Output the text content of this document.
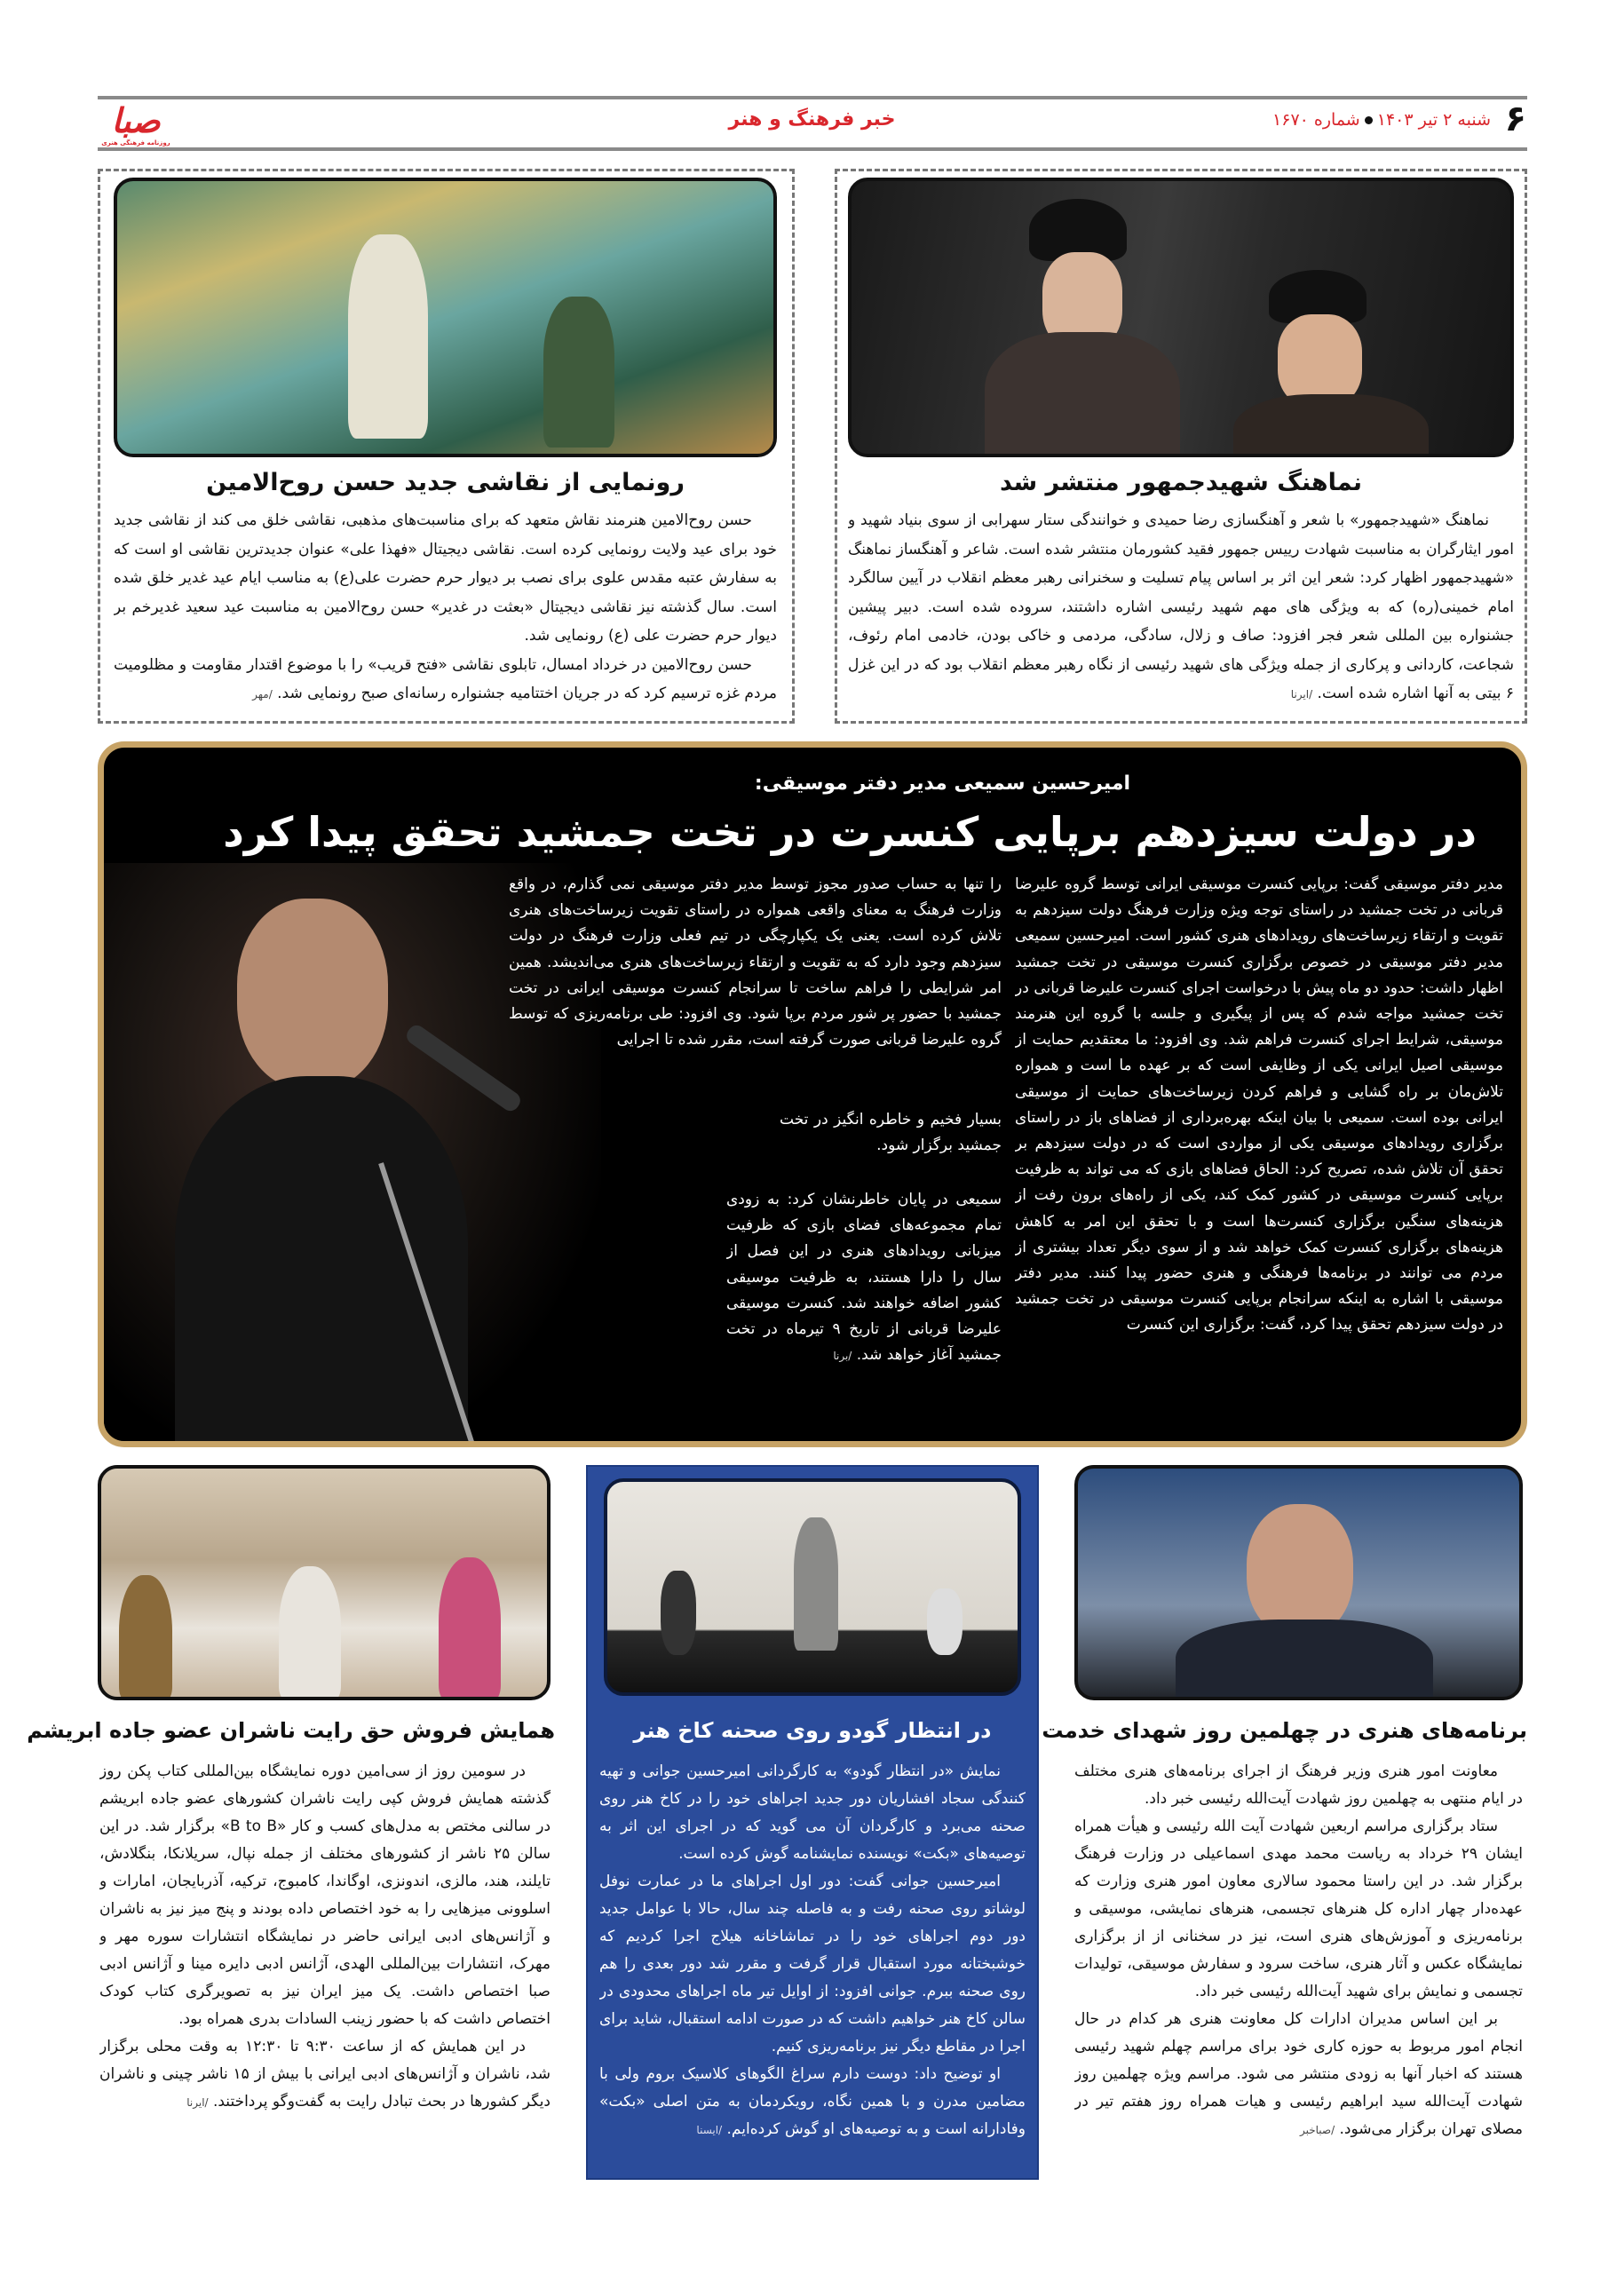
صبا
روزنامه فرهنگی هنری
خبر فرهنگ و هنر	۶
شنبه ۲ تیر ۱۴۰۳شماره ۱۶۷۰
نماهنگ شهیدجمهور منتشر شد

نماهنگ «شهیدجمهور» با شعر و آهنگسازی رضا حمیدی و خوانندگی ستار سهرابی از سوی بنیاد شهید و امور ایثارگران به مناسبت شهادت رییس جمهور فقید کشورمان منتشر شده است. شاعر و آهنگساز نماهنگ «شهیدجمهور اظهار کرد: شعر این اثر بر اساس پیام تسلیت و سخنرانی رهبر معظم انقلاب در آیین سالگرد امام خمینی(ره) که به ویژگی های مهم شهید رئیسی اشاره داشتند، سروده شده است. دبیر پیشین جشنواره بین المللی شعر فجر افزود: صاف و زلال، سادگی، مردمی و خاکی بودن، خادمی امام رئوف، شجاعت، کاردانی و پرکاری از جمله ویژگی های شهید رئیسی از نگاه رهبر معظم انقلاب بود که در این غزل ۶ بیتی به آنها اشاره شده است. /ایرنا

رونمایی از نقاشی جدید حسن روح‌الامین

حسن روح‌الامین هنرمند نقاش متعهد که برای مناسبت‌های مذهبی، نقاشی خلق می کند از نقاشی جدید خود برای عید ولایت رونمایی کرده است. نقاشی دیجیتال «فهذا علی» عنوان جدیدترین نقاشی او است که به سفارش عتبه مقدس علوی برای نصب بر دیوار حرم حضرت علی(ع) به مناسب ایام عید غدیر خلق شده است. سال گذشته نیز نقاشی دیجیتال «بعثت در غدیر» حسن روح‌الامین به مناسبت عید سعید غدیرخم بر دیوار حرم حضرت علی (ع) رونمایی شد.

حسن روح‌الامین در خرداد امسال، تابلوی نقاشی «فتح قریب» را با موضوع اقتدار مقاومت و مظلومیت مردم غزه ترسیم کرد که در جریان اختتامیه جشنواره رسانه‌ای صبح رونمایی شد. /مهر

امیرحسین سمیعی مدیر دفتر موسیقی:
در دولت سیزدهم برپایی کنسرت در تخت جمشید تحقق پیدا کرد
مدیر دفتر موسیقی گفت: برپایی کنسرت موسیقی ایرانی توسط گروه علیرضا قربانی در تخت جمشید در راستای توجه ویژه وزارت فرهنگ دولت سیزدهم به تقویت و ارتقاء زیرساخت‌های رویدادهای هنری کشور است. امیرحسین سمیعی مدیر دفتر موسیقی در خصوص برگزاری کنسرت موسیقی در تخت جمشید اظهار داشت: حدود دو ماه پیش با درخواست اجرای کنسرت علیرضا قربانی در تخت جمشید مواجه شدم که پس از پیگیری و جلسه با گروه این هنرمند موسیقی، شرایط اجرای کنسرت فراهم شد. وی افزود: ما معتقدیم حمایت از موسیقی اصیل ایرانی یکی از وظایفی است که بر عهده ما است و همواره تلاش‌مان بر راه گشایی و فراهم کردن زیرساخت‌های حمایت از موسیقی ایرانی بوده است. سمیعی با بیان اینکه بهره‌برداری از فضاهای باز در راستای برگزاری رویدادهای موسیقی یکی از مواردی است که در دولت سیزدهم بر تحقق آن تلاش شده، تصریح کرد: الحاق فضاهای بازی که می تواند به ظرفیت برپایی کنسرت موسیقی در کشور کمک کند، یکی از راه‌های برون رفت از هزینه‌های سنگین برگزاری کنسرت‌ها است و با تحقق این امر به کاهش هزینه‌های برگزاری کنسرت کمک خواهد شد و از سوی دیگر تعداد بیشتری از مردم می توانند در برنامه‌ها فرهنگی و هنری حضور پیدا کنند. مدیر دفتر موسیقی با اشاره به اینکه سرانجام برپایی کنسرت موسیقی در تخت جمشید در دولت سیزدهم تحقق پیدا کرد، گفت: برگزاری این کنسرت
را تنها به حساب صدور مجوز توسط مدیر دفتر موسیقی نمی گذارم، در واقع وزارت فرهنگ به معنای واقعی همواره در راستای تقویت زیرساخت‌های هنری تلاش کرده است. یعنی یک یکپارچگی در تیم فعلی وزارت فرهنگ در دولت سیزدهم وجود دارد که به تقویت و ارتقاء زیرساخت‌های هنری می‌اندیشد. همین امر شرایطی را فراهم ساخت تا سرانجام کنسرت موسیقی ایرانی در تخت جمشید با حضور پر شور مردم برپا شود. وی افزود: طی برنامه‌ریزی که توسط گروه علیرضا قربانی صورت گرفته است، مقرر شده تا اجرایی
بسیار فخیم و خاطره انگیز در تخت جمشید برگزار شود.
سمیعی در پایان خاطرنشان کرد: به زودی تمام مجموعه‌های فضای بازی که ظرفیت میزبانی رویدادهای هنری در این فصل از سال را دارا هستند، به ظرفیت موسیقی کشور اضافه خواهند شد. کنسرت موسیقی علیرضا قربانی از تاریخ ۹ تیرماه در تخت جمشید آغاز خواهد شد. /برنا
برنامه‌های هنری در چهلمین روز شهدای خدمت

معاونت امور هنری وزیر فرهنگ از اجرای برنامه‌های هنری مختلف در ایام منتهی به چهلمین روز شهادت آیت‌الله رئیسی خبر داد.

ستاد برگزاری مراسم اربعین شهادت آیت الله رئیسی و هیأت همراه ایشان ۲۹ خرداد به ریاست محمد مهدی اسماعیلی در وزارت فرهنگ برگزار شد. در این راستا محمود سالاری معاون امور هنری وزارت که عهده‌دار چهار اداره کل هنرهای تجسمی، هنرهای نمایشی، موسیقی و برنامه‌ریزی و آموزش‌های هنری است، نیز در سخنانی از از برگزاری نمایشگاه عکس و آثار هنری، ساخت سرود و سفارش موسیقی، تولیدات تجسمی و نمایش برای شهید آیت‌الله رئیسی خبر داد.

بر این اساس مدیران ادارات کل معاونت هنری هر کدام در حال انجام امور مربوط به حوزه کاری خود برای مراسم چهلم شهید رئیسی هستند که اخبار آنها به زودی منتشر می شود. مراسم ویژه چهلمین روز شهادت آیت‌الله سید ابراهیم رئیسی و هیات همراه روز هفتم تیر در مصلای تهران برگزار می‌شود. /صباخبر

در انتظار گودو روی صحنه کاخ هنر

نمایش «در انتظار گودو» به کارگردانی امیرحسین جوانی و تهیه کنندگی سجاد افشاریان دور جدید اجراهای خود را در کاخ هنر روی صحنه می‌برد و کارگردان آن می گوید که در اجرای این اثر به توصیه‌های «بکت» نویسنده نمایشنامه گوش کرده است.

امیرحسین جوانی گفت: دور اول اجراهای ما در عمارت نوفل لوشاتو روی صحنه رفت و به فاصله چند سال، حالا با عوامل جدید دور دوم اجراهای خود را در تماشاخانه هیلاج اجرا کردیم که خوشبختانه مورد استقبال قرار گرفت و مقرر شد دور بعدی را هم روی صحنه ببرم. جوانی افزود: از اوایل تیر ماه اجراهای محدودی در سالن کاخ هنر خواهیم داشت که در صورت ادامه استقبال، شاید برای اجرا در مقاطع دیگر نیز برنامه‌ریزی کنیم.

او توضیح داد: دوست دارم سراغ الگوهای کلاسیک بروم ولی با مضامین مدرن و با همین نگاه، رویکردمان به متن اصلی «بکت» وفادارانه است و به توصیه‌های او گوش کرده‌ایم. /ایسنا

همایش فروش حق رایت ناشران عضو جاده ابریشم

در سومین روز از سی‌امین دوره نمایشگاه بین‌المللی کتاب پکن روز گذشته همایش فروش کپی رایت ناشران کشورهای عضو جاده ابریشم در سالنی مختص به مدل‌های کسب و کار «B to B» برگزار شد. در این سالن ۲۵ ناشر از کشورهای مختلف از جمله نپال، سریلانکا، بنگلادش، تایلند، هند، مالزی، اندونزی، اوگاندا، کامبوج، ترکیه، آذربایجان، امارات و اسلوونی میزهایی را به خود اختصاص داده بودند و پنج میز نیز به ناشران و آژانس‌های ادبی ایرانی حاضر در نمایشگاه انتشارات سوره مهر و مهرک، انتشارات بین‌المللی الهدی، آژانس ادبی دایره مینا و آژانس ادبی صبا اختصاص داشت. یک میز ایران نیز به تصویرگری کتاب کودک اختصاص داشت که با حضور زینب السادات بدری همراه بود.

در این همایش که از ساعت ۹:۳۰ تا ۱۲:۳۰ به وقت محلی برگزار شد، ناشران و آژانس‌های ادبی ایرانی با بیش از ۱۵ ناشر چینی و ناشران دیگر کشورها در بحث تبادل رایت به گفت‌وگو پرداختند. /ایرنا
